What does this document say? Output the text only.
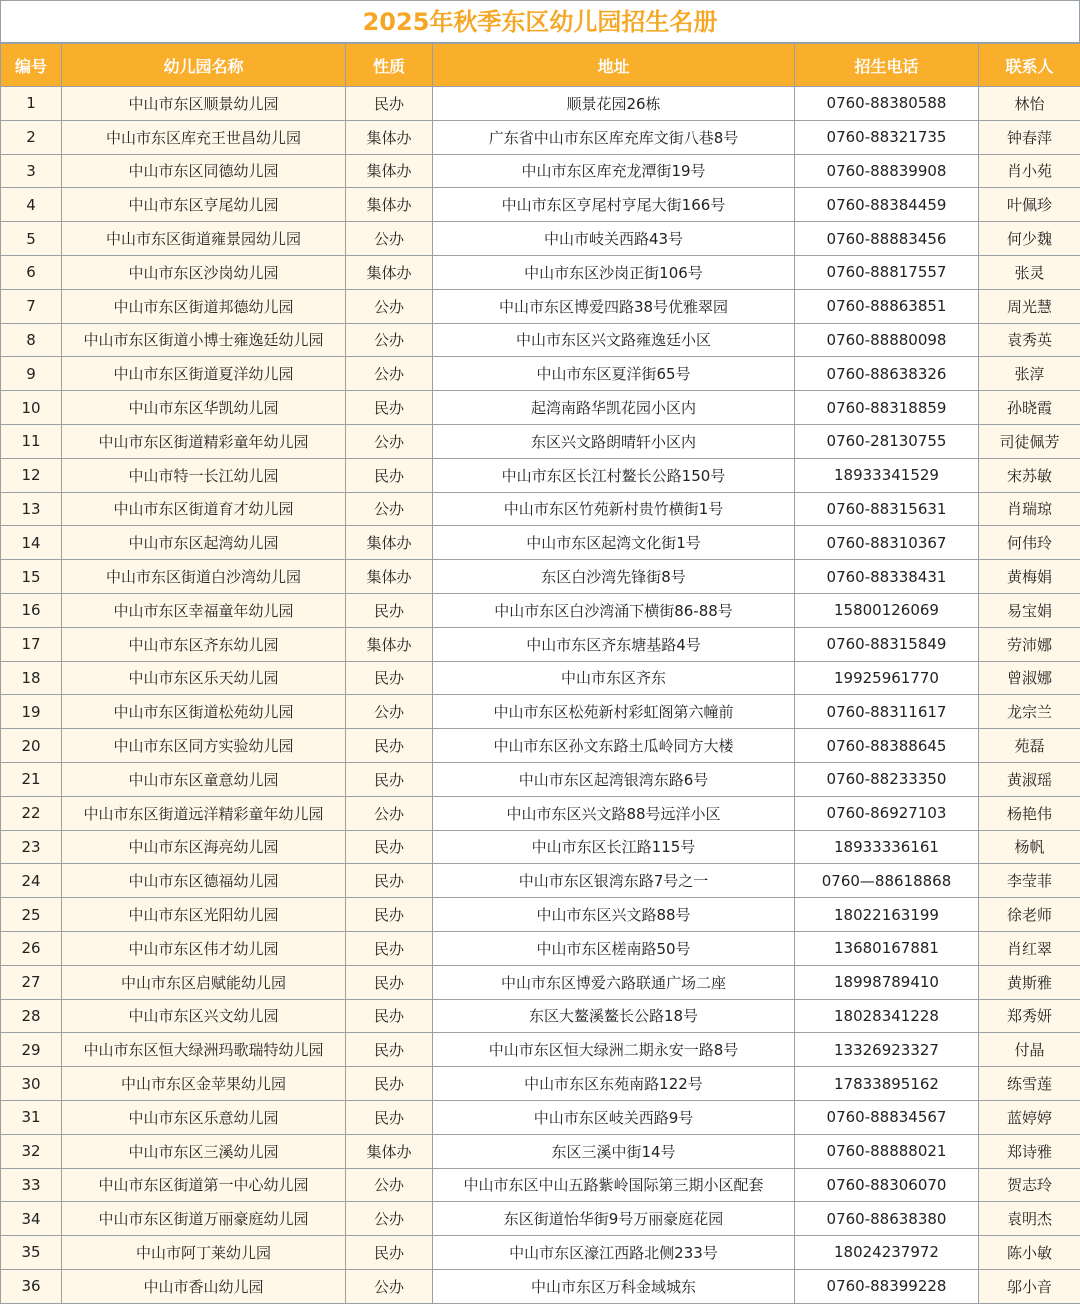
2025年秋季东区幼儿园招生名册
编号	幼儿园名称	性质	地址	招生电话	联系人
1	中山市东区顺景幼儿园	民办	顺景花园26栋	0760-88380588	林怡
2	中山市东区库充王世昌幼儿园	集体办	广东省中山市东区库充库文街八巷8号	0760-88321735	钟春萍
3	中山市东区同德幼儿园	集体办	中山市东区库充龙潭街19号	0760-88839908	肖小苑
4	中山市东区亨尾幼儿园	集体办	中山市东区亨尾村亨尾大街166号	0760-88384459	叶佩珍
5	中山市东区街道雍景园幼儿园	公办	中山市岐关西路43号	0760-88883456	何少魏
6	中山市东区沙岗幼儿园	集体办	中山市东区沙岗正街106号	0760-88817557	张灵
7	中山市东区街道邦德幼儿园	公办	中山市东区博爱四路38号优雅翠园	0760-88863851	周光慧
8	中山市东区街道小博士雍逸廷幼儿园	公办	中山市东区兴文路雍逸廷小区	0760-88880098	袁秀英
9	中山市东区街道夏洋幼儿园	公办	中山市东区夏洋街65号	0760-88638326	张淳
10	中山市东区华凯幼儿园	民办	起湾南路华凯花园小区内	0760-88318859	孙晓霞
11	中山市东区街道精彩童年幼儿园	公办	东区兴文路朗晴轩小区内	0760-28130755	司徒佩芳
12	中山市特一长江幼儿园	民办	中山市东区长江村鳌长公路150号	18933341529	宋苏敏
13	中山市东区街道育才幼儿园	公办	中山市东区竹苑新村贵竹横街1号	0760-88315631	肖瑞琼
14	中山市东区起湾幼儿园	集体办	中山市东区起湾文化街1号	0760-88310367	何伟玲
15	中山市东区街道白沙湾幼儿园	集体办	东区白沙湾先锋街8号	0760-88338431	黄梅娟
16	中山市东区幸福童年幼儿园	民办	中山市东区白沙湾涌下横街86-88号	15800126069	易宝娟
17	中山市东区齐东幼儿园	集体办	中山市东区齐东塘基路4号	0760-88315849	劳沛娜
18	中山市东区乐天幼儿园	民办	中山市东区齐东	19925961770	曾淑娜
19	中山市东区街道松苑幼儿园	公办	中山市东区松苑新村彩虹阁第六幢前	0760-88311617	龙宗兰
20	中山市东区同方实验幼儿园	民办	中山市东区孙文东路土瓜岭同方大楼	0760-88388645	苑磊
21	中山市东区童意幼儿园	民办	中山市东区起湾银湾东路6号	0760-88233350	黄淑瑶
22	中山市东区街道远洋精彩童年幼儿园	公办	中山市东区兴文路88号远洋小区	0760-86927103	杨艳伟
23	中山市东区海亮幼儿园	民办	中山市东区长江路115号	18933336161	杨帆
24	中山市东区德福幼儿园	民办	中山市东区银湾东路7号之一	0760—88618868	李莹菲
25	中山市东区光阳幼儿园	民办	中山市东区兴文路88号	18022163199	徐老师
26	中山市东区伟才幼儿园	民办	中山市东区槎南路50号	13680167881	肖红翠
27	中山市东区启赋能幼儿园	民办	中山市东区博爱六路联通广场二座	18998789410	黄斯雅
28	中山市东区兴文幼儿园	民办	东区大鳌溪鳌长公路18号	18028341228	郑秀妍
29	中山市东区恒大绿洲玛歌瑞特幼儿园	民办	中山市东区恒大绿洲二期永安一路8号	13326923327	付晶
30	中山市东区金苹果幼儿园	民办	中山市东区东苑南路122号	17833895162	练雪莲
31	中山市东区乐意幼儿园	民办	中山市东区岐关西路9号	0760-88834567	蓝婷婷
32	中山市东区三溪幼儿园	集体办	东区三溪中街14号	0760-88888021	郑诗雅
33	中山市东区街道第一中心幼儿园	公办	中山市东区中山五路紫岭国际第三期小区配套	0760-88306070	贺志玲
34	中山市东区街道万丽豪庭幼儿园	公办	东区街道怡华街9号万丽豪庭花园	0760-88638380	袁明杰
35	中山市阿丁莱幼儿园	民办	中山市东区濠江西路北侧233号	18024237972	陈小敏
36	中山市香山幼儿园	公办	中山市东区万科金域城东	0760-88399228	邬小音
